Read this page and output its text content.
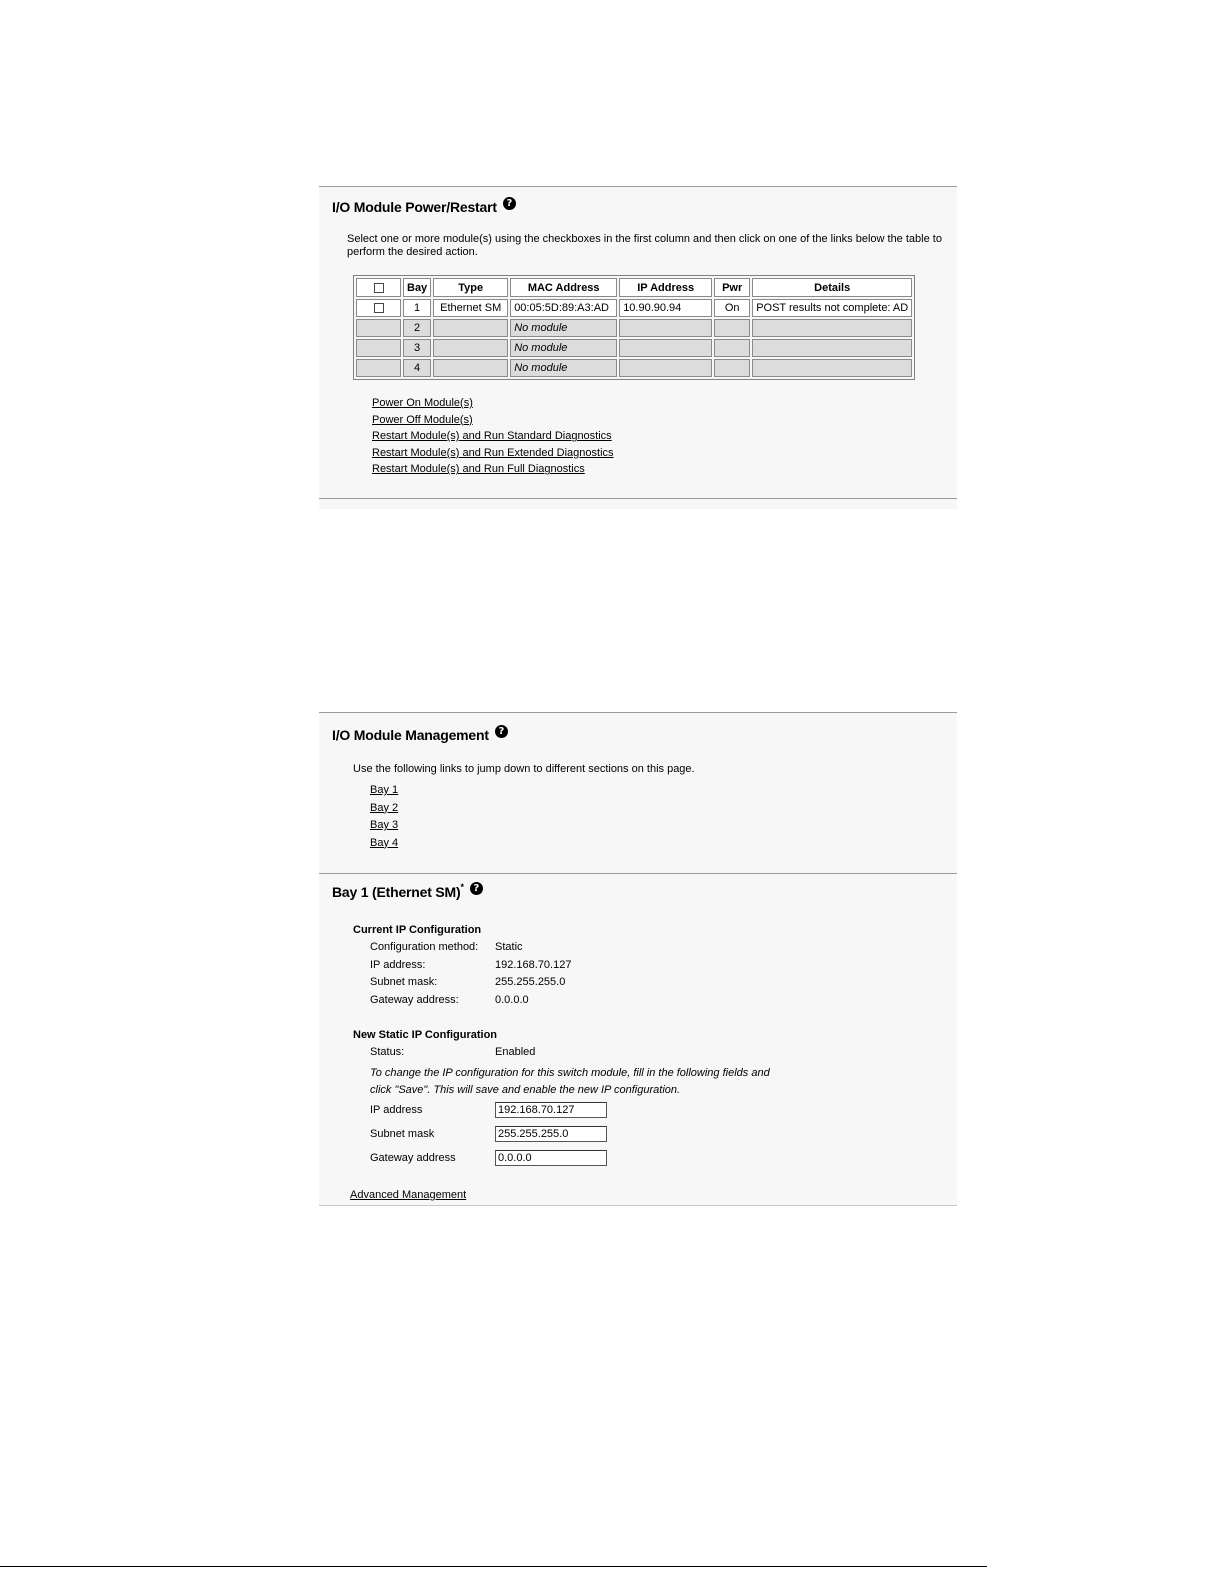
I/O Module Power/Restart ?
Select one or more module(s) using the checkboxes in the first column and then click on one of the links below the table to perform the desired action.
	Bay	Type	MAC Address	IP Address	Pwr	Details
	1	Ethernet SM	00:05:5D:89:A3:AD	10.90.90.94	On	POST results not complete: AD
	2		No module			
	3		No module			
	4		No module			
Power On Module(s)
Power Off Module(s)
Restart Module(s) and Run Standard Diagnostics
Restart Module(s) and Run Extended Diagnostics
Restart Module(s) and Run Full Diagnostics
I/O Module Management ?
Use the following links to jump down to different sections on this page.
Bay 1
Bay 2
Bay 3
Bay 4
Bay 1 (Ethernet SM)* ?
Current IP Configuration
Configuration method:	Static
IP address:	192.168.70.127
Subnet mask:	255.255.255.0
Gateway address:	0.0.0.0
New Static IP Configuration
Status:	Enabled
To change the IP configuration for this switch module, fill in the following fields and click "Save". This will save and enable the new IP configuration.
IP address
192.168.70.127
Subnet mask
255.255.255.0
Gateway address
0.0.0.0
Advanced Management
